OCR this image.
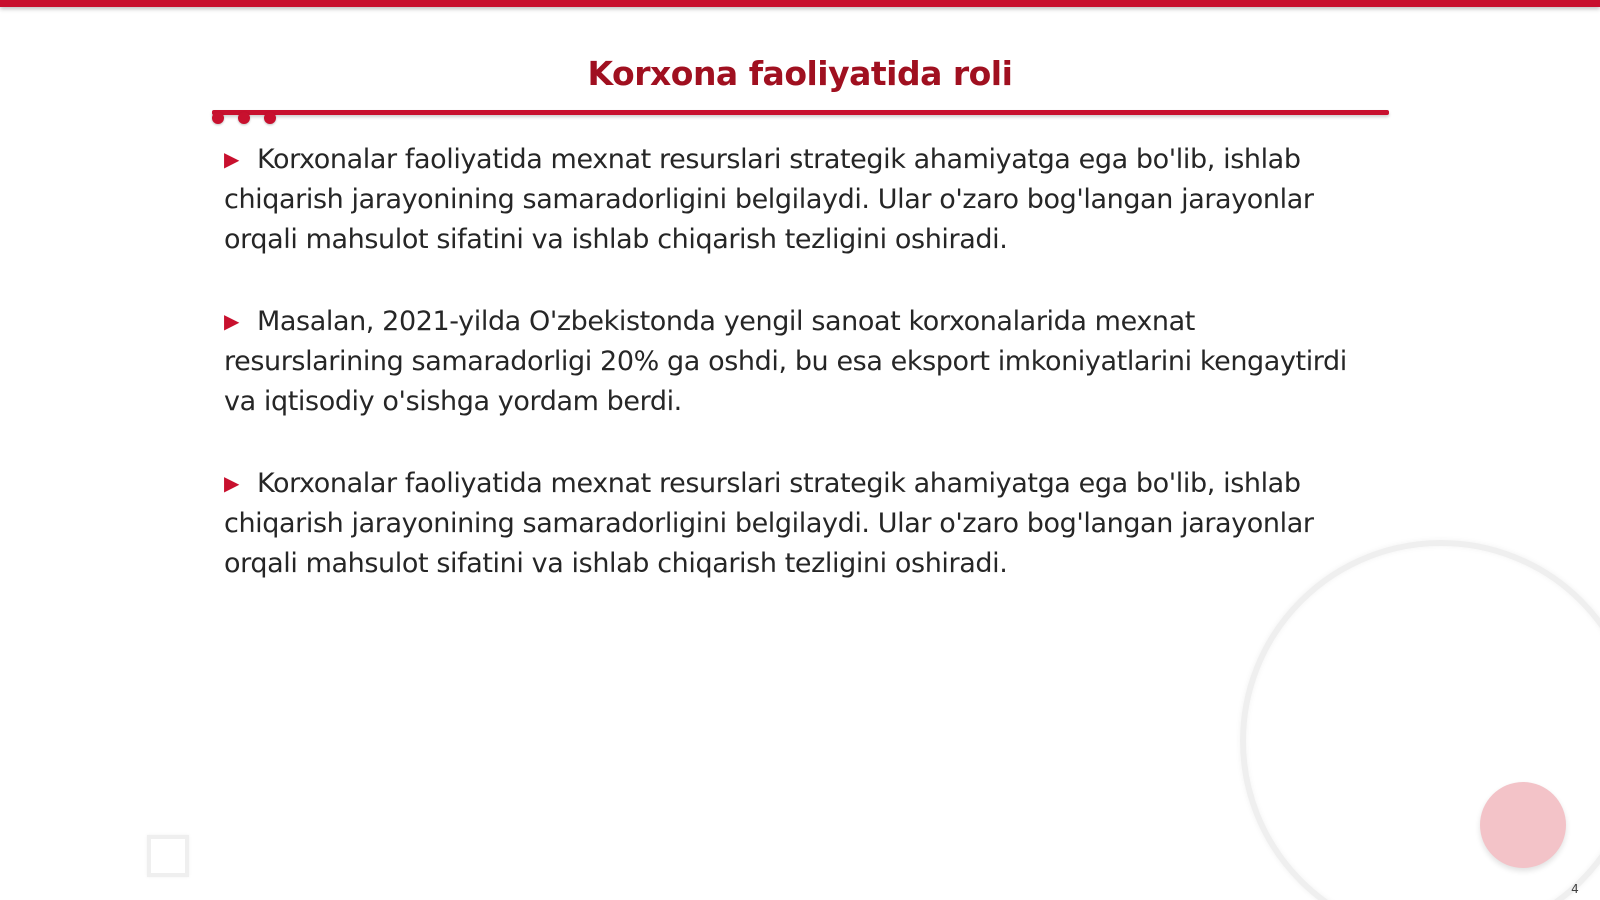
Korxona faoliyatida roli

▶ Korxonalar faoliyatida mexnat resurslari strategik ahamiyatga ega bo'lib, ishlab chiqarish jarayonining samaradorligini belgilaydi. Ular o'zaro bog'langan jarayonlar orqali mahsulot sifatini va ishlab chiqarish tezligini oshiradi.

▶ Masalan, 2021-yilda O'zbekistonda yengil sanoat korxonalarida mexnat resurslarining samaradorligi 20% ga oshdi, bu esa eksport imkoniyatlarini kengaytirdi va iqtisodiy o'sishga yordam berdi.

▶ Korxonalar faoliyatida mexnat resurslari strategik ahamiyatga ega bo'lib, ishlab chiqarish jarayonining samaradorligini belgilaydi. Ular o'zaro bog'langan jarayonlar orqali mahsulot sifatini va ishlab chiqarish tezligini oshiradi.

4
